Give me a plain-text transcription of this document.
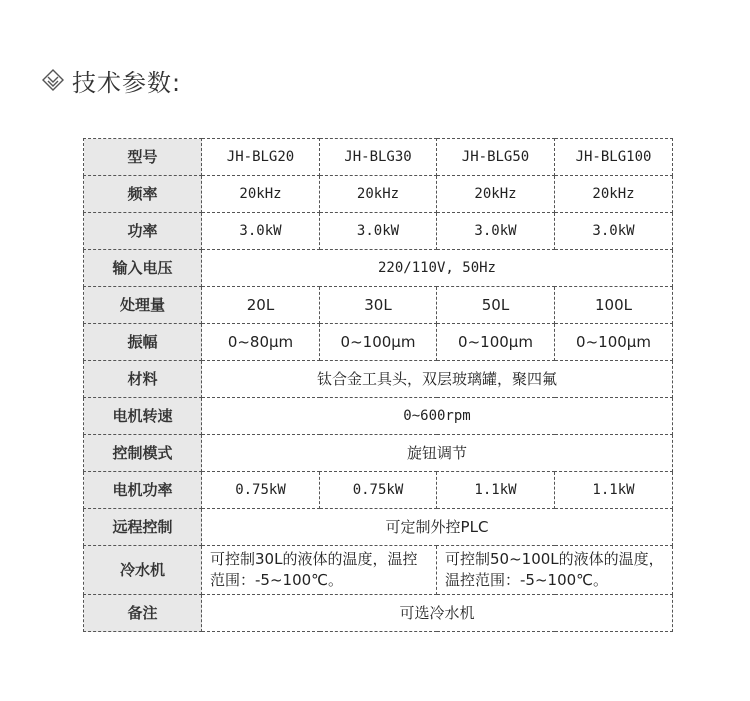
技术参数:
型号	JH-BLG20	JH-BLG30	JH-BLG50	JH-BLG100
频率	20kHz	20kHz	20kHz	20kHz
功率	3.0kW	3.0kW	3.0kW	3.0kW
输入电压	220/110V, 50Hz			
处理量	20L	30L	50L	100L
振幅	0~80μm	0~100μm	0~100μm	0~100μm
材料	钛合金工具头，双层玻璃罐，聚四氟			
电机转速	0~600rpm			
控制模式	旋钮调节			
电机功率	0.75kW	0.75kW	1.1kW	1.1kW
远程控制	可定制外控PLC			
冷水机	可控制30L的液体的温度，温控范围：-5~100℃。		可控制50~100L的液体的温度，温控范围：-5~100℃。	
备注	可选冷水机			
